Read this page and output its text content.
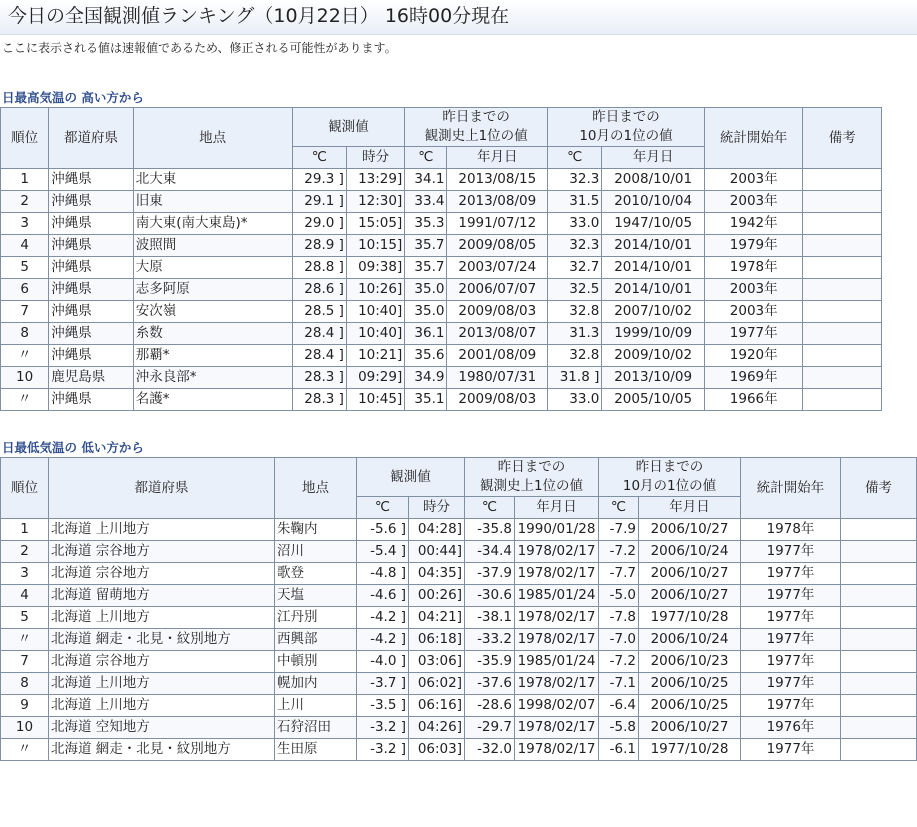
今日の全国観測値ランキング（10月22日） 16時00分現在
ここに表示される値は速報値であるため、修正される可能性があります。
日最高気温の 高い方から
順位	都道府県	地点	観測値		昨日までの
観測史上1位の値		昨日までの
10月の1位の値		統計開始年	備考
			℃	時分	℃	年月日	℃	年月日		
1	沖縄県	北大東	29.3 ]	13:29]	34.1	2013/08/15	32.3	2008/10/01	2003年	
2	沖縄県	旧東	29.1 ]	12:30]	33.4	2013/08/09	31.5	2010/10/04	2003年	
3	沖縄県	南大東(南大東島)*	29.0 ]	15:05]	35.3	1991/07/12	33.0	1947/10/05	1942年	
4	沖縄県	波照間	28.9 ]	10:15]	35.7	2009/08/05	32.3	2014/10/01	1979年	
5	沖縄県	大原	28.8 ]	09:38]	35.7	2003/07/24	32.7	2014/10/01	1978年	
6	沖縄県	志多阿原	28.6 ]	10:26]	35.0	2006/07/07	32.5	2014/10/01	2003年	
7	沖縄県	安次嶺	28.5 ]	10:40]	35.0	2009/08/03	32.8	2007/10/02	2003年	
8	沖縄県	糸数	28.4 ]	10:40]	36.1	2013/08/07	31.3	1999/10/09	1977年	
〃	沖縄県	那覇*	28.4 ]	10:21]	35.6	2001/08/09	32.8	2009/10/02	1920年	
10	鹿児島県	沖永良部*	28.3 ]	09:29]	34.9	1980/07/31	31.8 ]	2013/10/09	1969年	
〃	沖縄県	名護*	28.3 ]	10:45]	35.1	2009/08/03	33.0	2005/10/05	1966年	
日最低気温の 低い方から
順位	都道府県	地点	観測値		昨日までの
観測史上1位の値		昨日までの
10月の1位の値		統計開始年	備考
			℃	時分	℃	年月日	℃	年月日		
1	北海道 上川地方	朱鞠内	-5.6 ]	04:28]	-35.8	1990/01/28	-7.9	2006/10/27	1978年	
2	北海道 宗谷地方	沼川	-5.4 ]	00:44]	-34.4	1978/02/17	-7.2	2006/10/24	1977年	
3	北海道 宗谷地方	歌登	-4.8 ]	04:35]	-37.9	1978/02/17	-7.7	2006/10/27	1977年	
4	北海道 留萌地方	天塩	-4.6 ]	00:26]	-30.6	1985/01/24	-5.0	2006/10/27	1977年	
5	北海道 上川地方	江丹別	-4.2 ]	04:21]	-38.1	1978/02/17	-7.8	1977/10/28	1977年	
〃	北海道 網走・北見・紋別地方	西興部	-4.2 ]	06:18]	-33.2	1978/02/17	-7.0	2006/10/24	1977年	
7	北海道 宗谷地方	中頓別	-4.0 ]	03:06]	-35.9	1985/01/24	-7.2	2006/10/23	1977年	
8	北海道 上川地方	幌加内	-3.7 ]	06:02]	-37.6	1978/02/17	-7.1	2006/10/25	1977年	
9	北海道 上川地方	上川	-3.5 ]	06:16]	-28.6	1998/02/07	-6.4	2006/10/25	1977年	
10	北海道 空知地方	石狩沼田	-3.2 ]	04:26]	-29.7	1978/02/17	-5.8	2006/10/27	1976年	
〃	北海道 網走・北見・紋別地方	生田原	-3.2 ]	06:03]	-32.0	1978/02/17	-6.1	1977/10/28	1977年	
